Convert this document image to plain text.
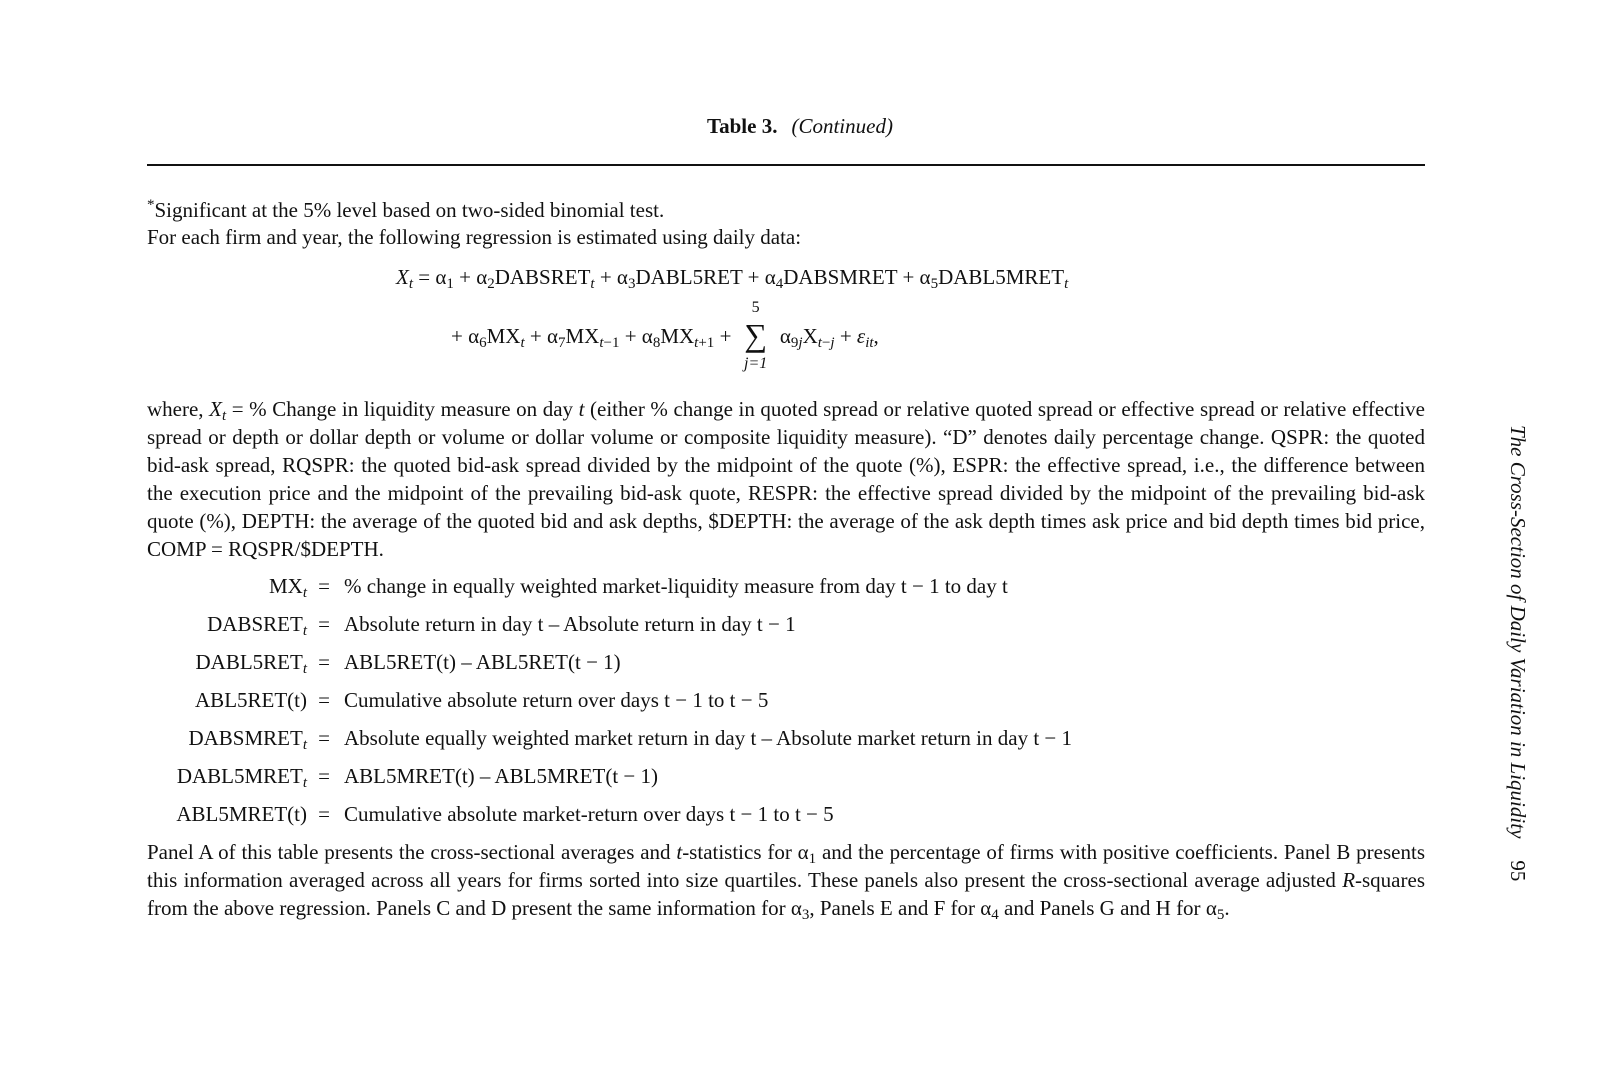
Table 3. (Continued)
*Significant at the 5% level based on two-sided binomial test.
For each firm and year, the following regression is estimated using daily data:
$X_t = \alpha_1$ + $\alpha_2DABSRET_t$ + $\alpha_3DABL5RET$ + $\alpha_4DABSMRET$ + $\alpha_5DABL5MRET_t$
+ $\alpha_6MX_t + \alpha_7MX_{t-1} + \alpha_8MX_{t+1}$ +
5
∑
j=1
$\alpha_{9j}X_{t-j} + \varepsilon_{it}$,
where, $X_t$ = % Change in liquidity measure on day t (either % change in quoted spread or relative quoted spread or effective spread or relative effective spread or depth or dollar depth or volume or dollar volume or composite liquidity measure). “D” denotes daily percentage change. QSPR: the quoted bid-ask spread, RQSPR: the quoted bid-ask spread divided by the midpoint of the quote (%), ESPR: the effective spread, i.e., the difference between the execution price and the midpoint of the prevailing bid-ask quote, RESPR: the effective spread divided by the midpoint of the prevailing bid-ask quote (%), DEPTH: the average of the quoted bid and ask depths, $DEPTH: the average of the ask depth times ask price and bid depth times bid price, COMP = RQSPR/$DEPTH.
$MX_t$ = % change in equally weighted market-liquidity measure from day t − 1 to day t
$DABSRET_t$ = Absolute return in day t – Absolute return in day t − 1
$DABL5RET_t = ABL5RET(t) - ABL5RET(t - 1)$
ABL5RET(t) = Cumulative absolute return over days t − 1 to t − 5
$DABSMRET_t$ = Absolute equally weighted market return in day t – Absolute market return in day t − 1
$DABL5MRET_t$ = ABL5MRET(t) – ABL5MRET(t − 1)
ABL5MRET(t) = Cumulative absolute market-return over days t − 1 to t − 5
Panel A of this table presents the cross-sectional averages and t-statistics for $\alpha_1$ and the percentage of firms with positive coefficients. Panel B presents this information averaged across all years for firms sorted into size quartiles. These panels also present the cross-sectional average adjusted R-squares from the above regression. Panels C and D present the same information for $\alpha_3$, Panels E and F for $\alpha_4$ and Panels G and H for $\alpha_5$.
The Cross-Section of Daily Variation in Liquidity95
